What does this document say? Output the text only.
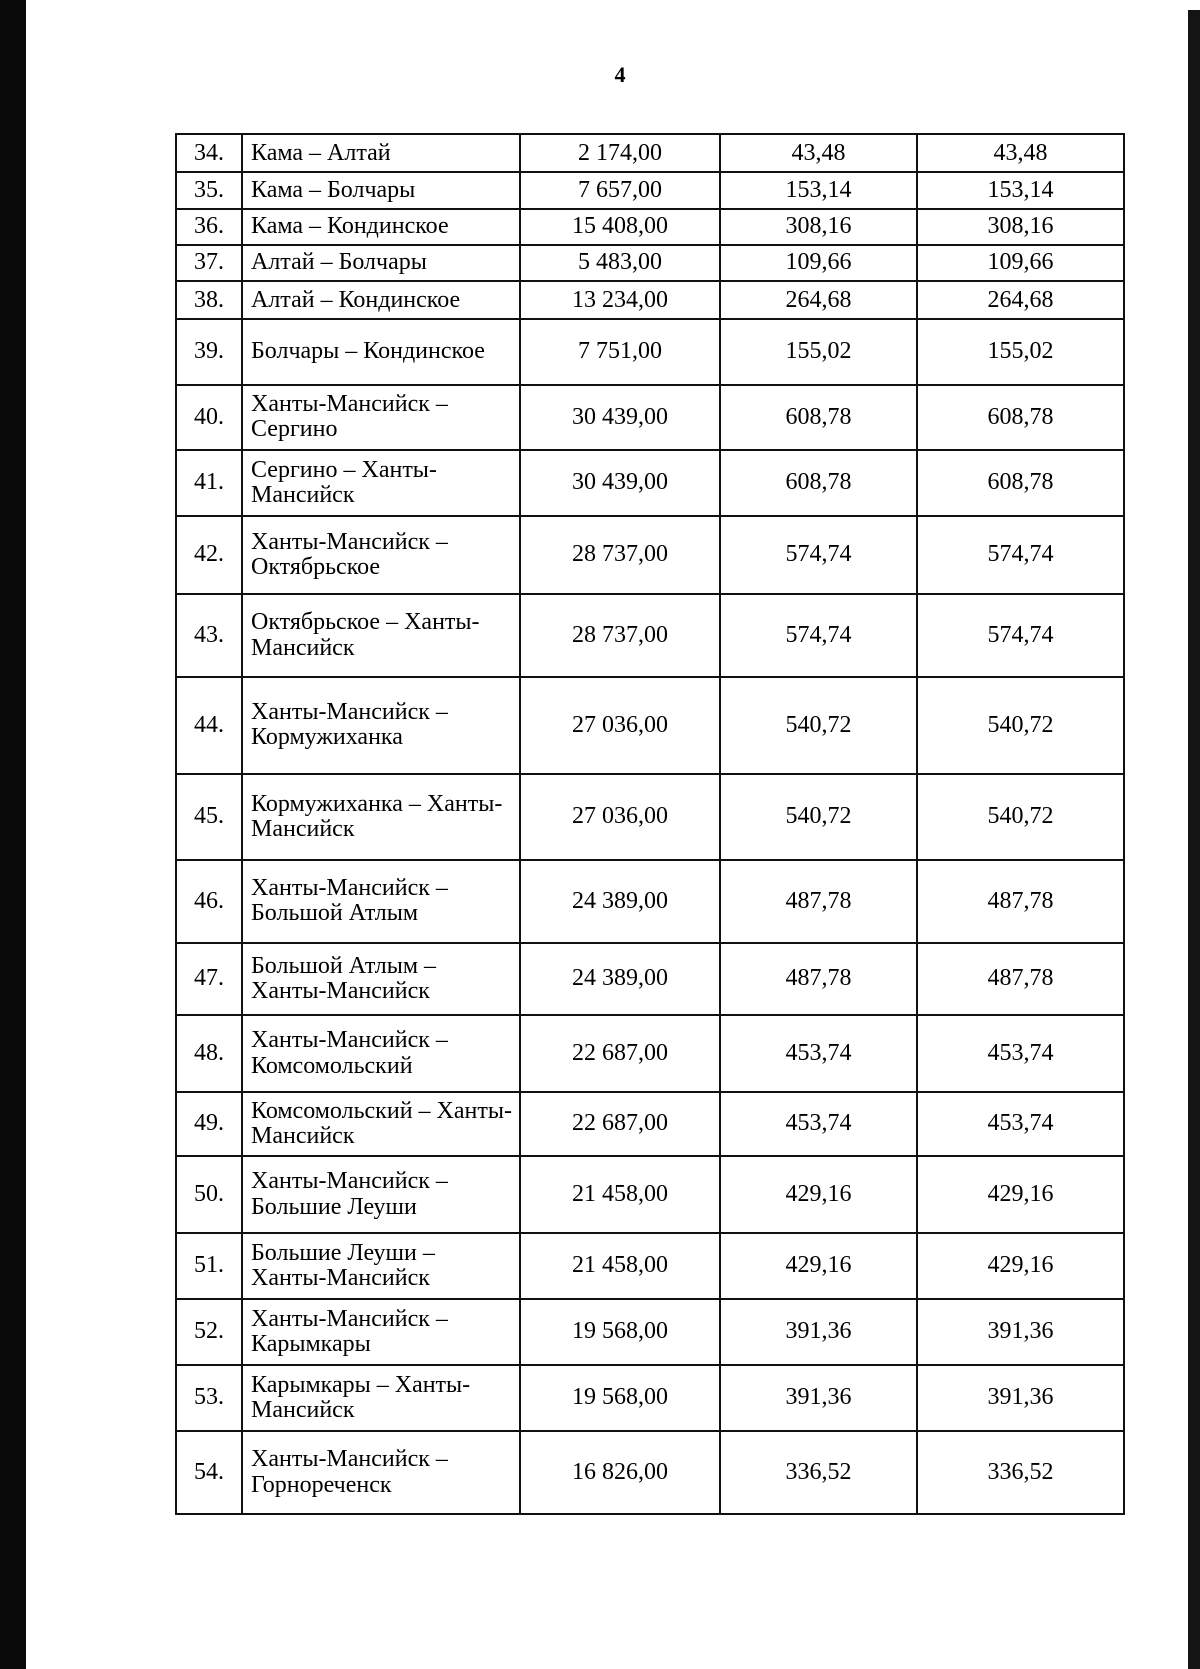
4
34.	Кама – Алтай	2 174,00	43,48	43,48
35.	Кама – Болчары	7 657,00	153,14	153,14
36.	Кама – Кондинское	15 408,00	308,16	308,16
37.	Алтай – Болчары	5 483,00	109,66	109,66
38.	Алтай – Кондинское	13 234,00	264,68	264,68
39.	Болчары – Кондинское	7 751,00	155,02	155,02
40.	Ханты-Мансийск – Сергино	30 439,00	608,78	608,78
41.	Сергино – Ханты-Мансийск	30 439,00	608,78	608,78
42.	Ханты-Мансийск – Октябрьское	28 737,00	574,74	574,74
43.	Октябрьское – Ханты-Мансийск	28 737,00	574,74	574,74
44.	Ханты-Мансийск – Кормужиханка	27 036,00	540,72	540,72
45.	Кормужиханка – Ханты-Мансийск	27 036,00	540,72	540,72
46.	Ханты-Мансийск – Большой Атлым	24 389,00	487,78	487,78
47.	Большой Атлым – Ханты-Мансийск	24 389,00	487,78	487,78
48.	Ханты-Мансийск – Комсомольский	22 687,00	453,74	453,74
49.	Комсомольский – Ханты-Мансийск	22 687,00	453,74	453,74
50.	Ханты-Мансийск – Большие Леуши	21 458,00	429,16	429,16
51.	Большие Леуши – Ханты-Мансийск	21 458,00	429,16	429,16
52.	Ханты-Мансийск – Карымкары	19 568,00	391,36	391,36
53.	Карымкары – Ханты-Мансийск	19 568,00	391,36	391,36
54.	Ханты-Мансийск – Горнореченск	16 826,00	336,52	336,52
